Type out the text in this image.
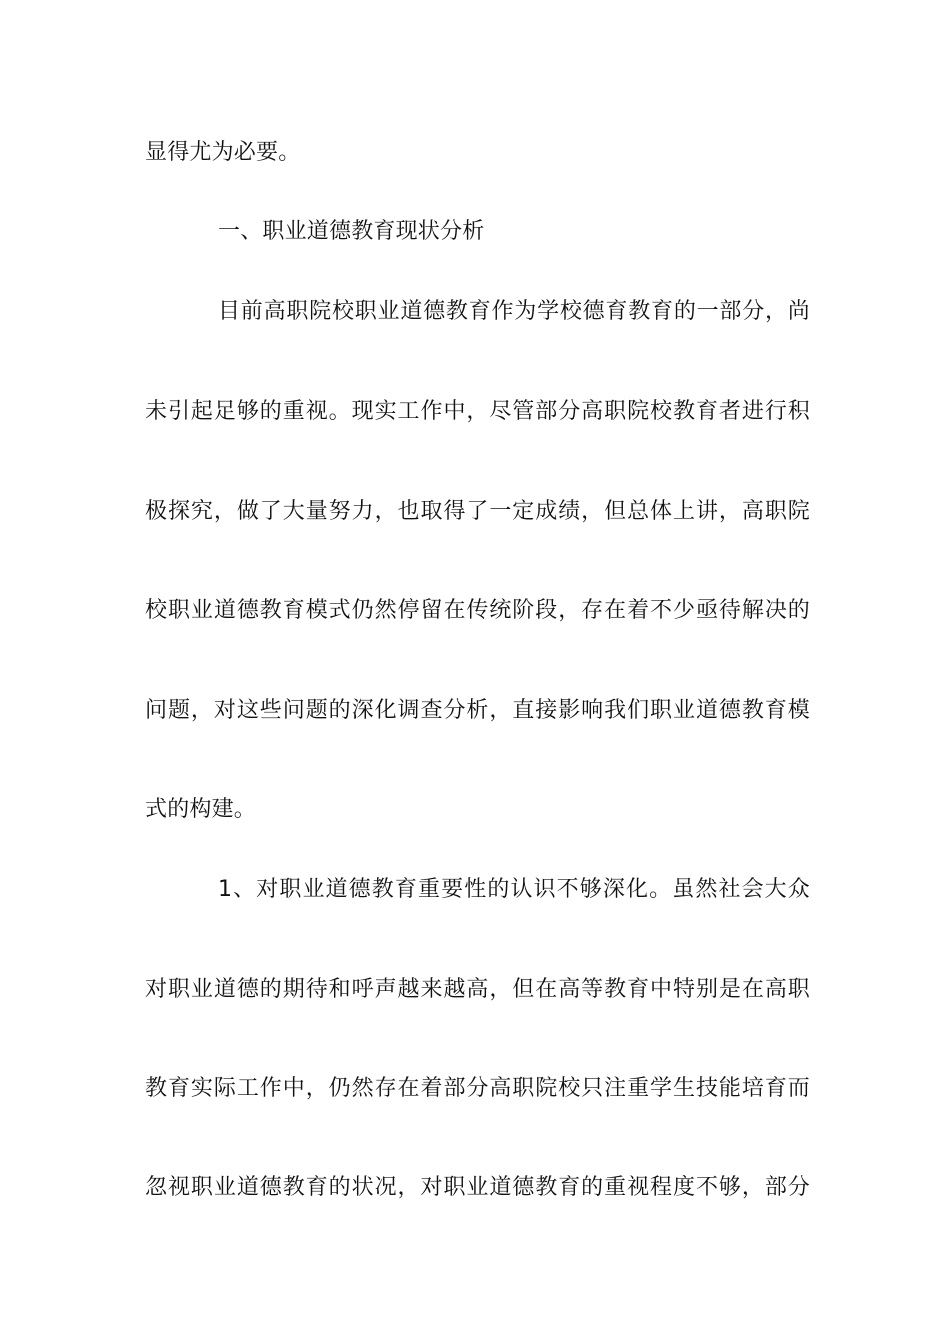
显得尤为必要。
一、职业道德教育现状分析
目前高职院校职业道德教育作为学校德育教育的一部分，尚
未引起足够的重视。现实工作中，尽管部分高职院校教育者进行积
极探究，做了大量努力，也取得了一定成绩，但总体上讲，高职院
校职业道德教育模式仍然停留在传统阶段，存在着不少亟待解决的
问题，对这些问题的深化调查分析，直接影响我们职业道德教育模
式的构建。
1、对职业道德教育重要性的认识不够深化。虽然社会大众
对职业道德的期待和呼声越来越高，但在高等教育中特别是在高职
教育实际工作中，仍然存在着部分高职院校只注重学生技能培育而
忽视职业道德教育的状况，对职业道德教育的重视程度不够，部分
